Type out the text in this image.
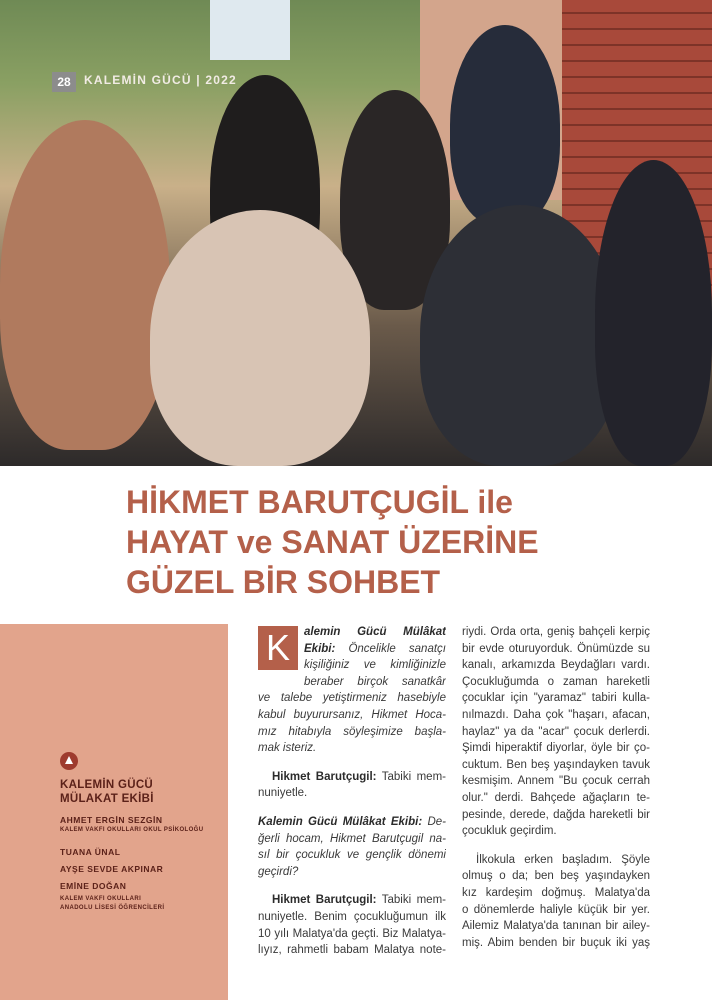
28	KALEMİN GÜCÜ | 2022
HİKMET BARUTÇUGİL ile
HAYAT ve SANAT ÜZERİNE
GÜZEL BİR SOHBET
KALEMİN GÜCÜ
MÜLAKAT EKİBİ
AHMET ERGİN SEZGİN
KALEM VAKFI OKULLARI OKUL PSİKOLOĞU
TUANA ÜNAL
AYŞE SEVDE AKPINAR
EMİNE DOĞAN
KALEM VAKFI OKULLARI
ANADOLU LİSESİ ÖĞRENCİLERİ
K	alemin Gücü Mülâkat
Ekibi: Öncelikle sanatçı
kişiliğiniz ve kimliğinizle
beraber birçok sanatkâr
ve talebe yetiştirmeniz hasebiyle
kabul buyurursanız, Hikmet Hoca-
mız hitabıyla söyleşimize başla-
mak isteriz.
Hikmet Barutçugil: Tabiki mem-
nuniyetle.
Kalemin Gücü Mülâkat Ekibi: De-
ğerli hocam, Hikmet Barutçugil na-
sıl bir çocukluk ve gençlik dönemi
geçirdi?
Hikmet Barutçugil: Tabiki mem-
nuniyetle. Benim çocukluğumun ilk
10 yılı Malatya'da geçti. Biz Malatya-
lıyız, rahmetli babam Malatya note-
riydi. Orda orta, geniş bahçeli kerpiç
bir evde oturuyorduk. Önümüzde su
kanalı, arkamızda Beydağları vardı.
Çocukluğumda o zaman hareketli
çocuklar için "yaramaz" tabiri kulla-
nılmazdı. Daha çok "haşarı, afacan,
haylaz" ya da "acar" çocuk derlerdi.
Şimdi hiperaktif diyorlar, öyle bir ço-
cuktum. Ben beş yaşındayken tavuk
kesmişim. Annem "Bu çocuk cerrah
olur." derdi. Bahçede ağaçların te-
pesinde, derede, dağda hareketli bir
çocukluk geçirdim.
İlkokula erken başladım. Şöyle
olmuş o da; ben beş yaşındayken
kız kardeşim doğmuş. Malatya'da
o dönemlerde haliyle küçük bir yer.
Ailemiz Malatya'da tanınan bir ailey-
miş. Abim benden bir buçuk iki yaş
